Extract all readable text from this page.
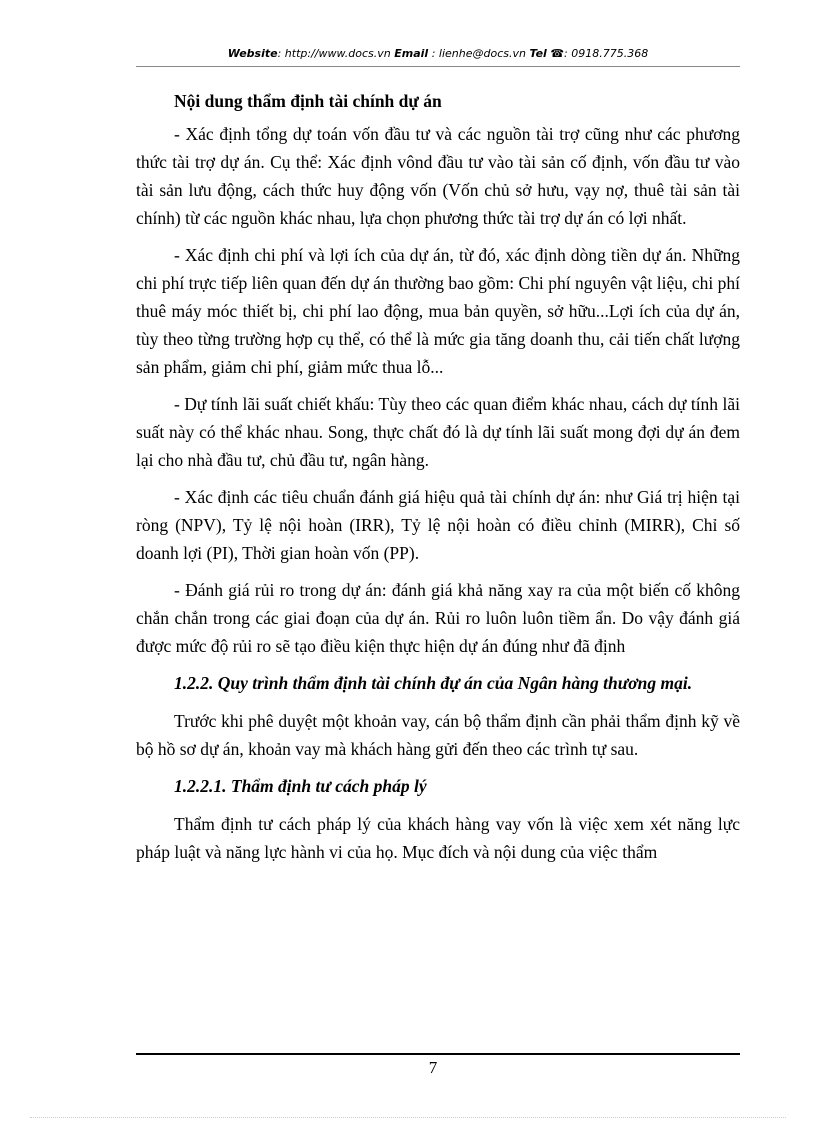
Website: http://www.docs.vn Email : lienhe@docs.vn Tel ☎: 0918.775.368
Nội dung thẩm định tài chính dự án

- Xác định tổng dự toán vốn đầu tư và các nguồn tài trợ cũng như các phương thức tài trợ dự án. Cụ thể: Xác định vônd đầu tư vào tài sản cố định, vốn đầu tư vào tài sản lưu động, cách thức huy động vốn (Vốn chủ sở hưu, vạy nợ, thuê tài sản tài chính) từ các nguồn khác nhau, lựa chọn phương thức tài trợ dự án có lợi nhất.

- Xác định chi phí và lợi ích của dự án, từ đó, xác định dòng tiền dự án. Những chi phí trực tiếp liên quan đến dự án thường bao gồm: Chi phí nguyên vật liệu, chi phí thuê máy móc thiết bị, chi phí lao động, mua bản quyền, sở hữu...Lợi ích của dự án, tùy theo từng trường hợp cụ thể, có thể là mức gia tăng doanh thu, cải tiến chất lượng sản phẩm, giảm chi phí, giảm mức thua lỗ...

- Dự tính lãi suất chiết khấu: Tùy theo các quan điểm khác nhau, cách dự tính lãi suất này có thể khác nhau. Song, thực chất đó là dự tính lãi suất mong đợi dự án đem lại cho nhà đầu tư, chủ đầu tư, ngân hàng.

- Xác định các tiêu chuẩn đánh giá hiệu quả tài chính dự án: như Giá trị hiện tại ròng (NPV), Tỷ lệ nội hoàn (IRR), Tỷ lệ nội hoàn có điều chỉnh (MIRR), Chỉ số doanh lợi (PI), Thời gian hoàn vốn (PP).

- Đánh giá rủi ro trong dự án: đánh giá khả năng xay ra của một biến cố không chắn chắn trong các giai đoạn của dự án. Rủi ro luôn luôn tiềm ẩn. Do vậy đánh giá được mức độ rủi ro sẽ tạo điều kiện thực hiện dự án đúng như đã định

1.2.2. Quy trình thẩm định tài chính đự án của Ngân hàng thương mại.

Trước khi phê duyệt một khoản vay, cán bộ thẩm định cần phải thẩm định kỹ về bộ hồ sơ dự án, khoản vay mà khách hàng gửi đến theo các trình tự sau.

1.2.2.1. Thẩm định tư cách pháp lý

Thẩm định tư cách pháp lý của khách hàng vay vốn là việc xem xét năng lực pháp luật và năng lực hành vi của họ. Mục đích và nội dung của việc thẩm

7
